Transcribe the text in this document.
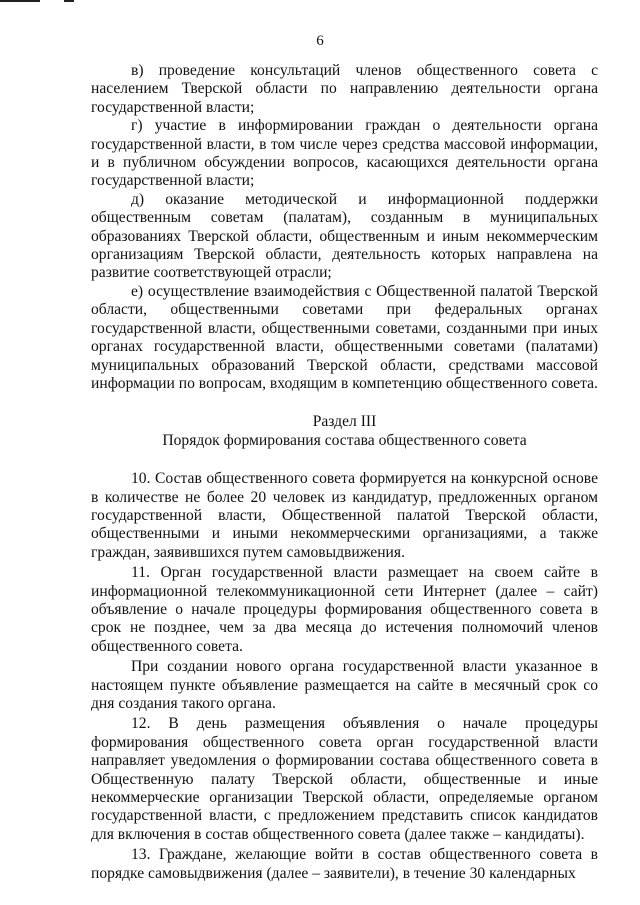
6

в) проведение консультаций членов общественного совета с населением Тверской области по направлению деятельности органа государственной власти;

г) участие в информировании граждан о деятельности органа государственной власти, в том числе через средства массовой информации, и в публичном обсуждении вопросов, касающихся деятельности органа государственной власти;

д) оказание методической и информационной поддержки общественным советам (палатам), созданным в муниципальных образованиях Тверской области, общественным и иным некоммерческим организациям Тверской области, деятельность которых направлена на развитие соответствующей отрасли;

е) осуществление взаимодействия с Общественной палатой Тверской области, общественными советами при федеральных органах государственной власти, общественными советами, созданными при иных органах государственной власти, общественными советами (палатами) муниципальных образований Тверской области, средствами массовой информации по вопросам, входящим в компетенцию общественного совета.

Раздел III
Порядок формирования состава общественного совета

10. Состав общественного совета формируется на конкурсной основе в количестве не более 20 человек из кандидатур, предложенных органом государственной власти, Общественной палатой Тверской области, общественными и иными некоммерческими организациями, а также граждан, заявившихся путем самовыдвижения.

11. Орган государственной власти размещает на своем сайте в информационной телекоммуникационной сети Интернет (далее – сайт) объявление о начале процедуры формирования общественного совета в срок не позднее, чем за два месяца до истечения полномочий членов общественного совета.

При создании нового органа государственной власти указанное в настоящем пункте объявление размещается на сайте в месячный срок со дня создания такого органа.

12. В день размещения объявления о начале процедуры формирования общественного совета орган государственной власти направляет уведомления о формировании состава общественного совета в Общественную палату Тверской области, общественные и иные некоммерческие организации Тверской области, определяемые органом государственной власти, с предложением представить список кандидатов для включения в состав общественного совета (далее также – кандидаты).

13. Граждане, желающие войти в состав общественного совета в порядке самовыдвижения (далее – заявители), в течение 30 календарных
